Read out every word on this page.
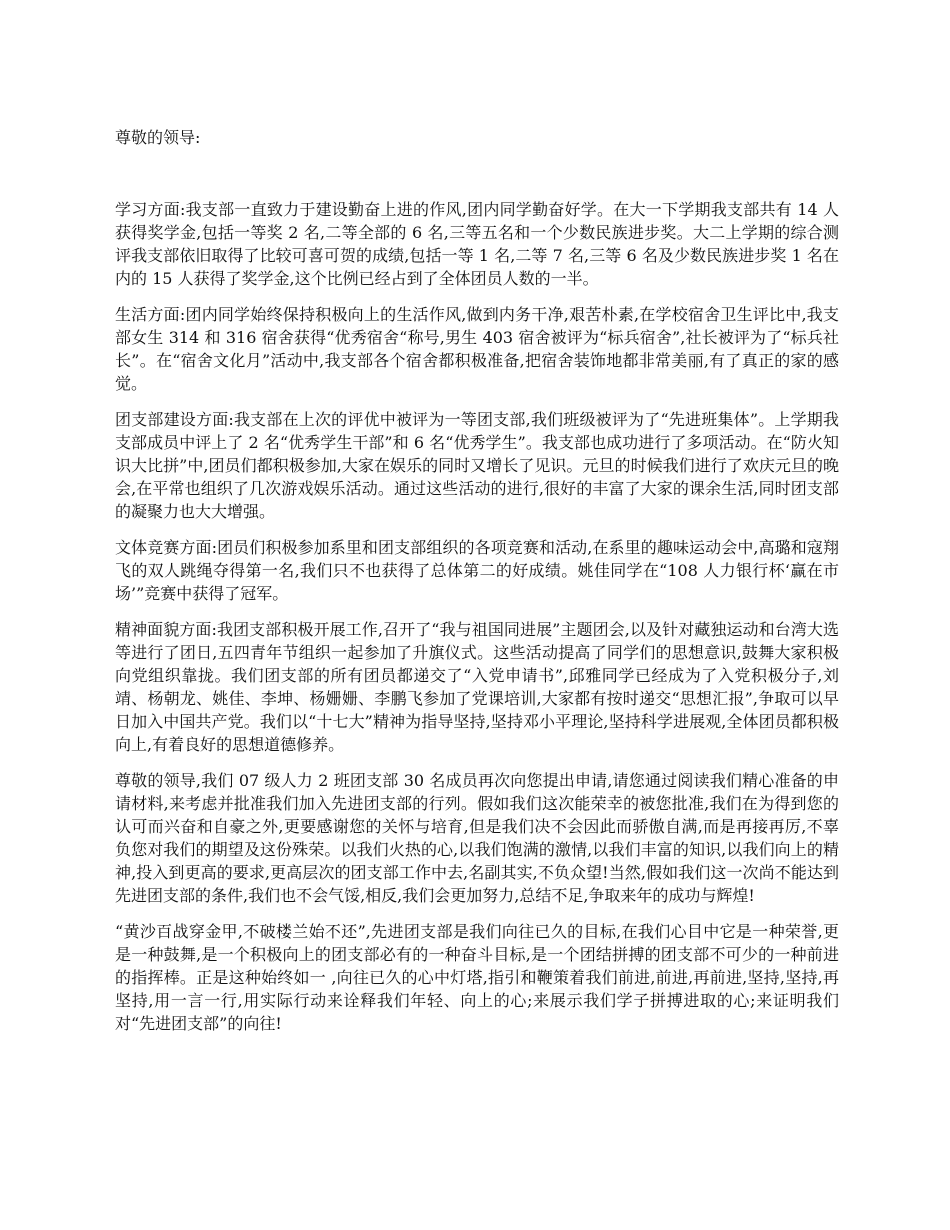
尊敬的领导:

学习方面:我支部一直致力于建设勤奋上进的作风,团内同学勤奋好学。在大一下学期我支部共有 14 人获得奖学金,包括一等奖 2 名,二等全部的 6 名,三等五名和一个少数民族进步奖。大二上学期的综合测评我支部依旧取得了比较可喜可贺的成绩,包括一等 1 名,二等 7 名,三等 6 名及少数民族进步奖 1 名在内的 15 人获得了奖学金,这个比例已经占到了全体团员人数的一半。

生活方面:团内同学始终保持积极向上的生活作风,做到内务干净,艰苦朴素,在学校宿舍卫生评比中,我支部女生 314 和 316 宿舍获得“优秀宿舍“称号,男生 403 宿舍被评为“标兵宿舍”,社长被评为了“标兵社长”。在“宿舍文化月”活动中,我支部各个宿舍都积极准备,把宿舍装饰地都非常美丽,有了真正的家的感觉。

团支部建设方面:我支部在上次的评优中被评为一等团支部,我们班级被评为了“先进班集体”。上学期我支部成员中评上了 2 名“优秀学生干部”和 6 名“优秀学生”。我支部也成功进行了多项活动。在“防火知识大比拼”中,团员们都积极参加,大家在娱乐的同时又增长了见识。元旦的时候我们进行了欢庆元旦的晚会,在平常也组织了几次游戏娱乐活动。通过这些活动的进行,很好的丰富了大家的课余生活,同时团支部的凝聚力也大大增强。

文体竞赛方面:团员们积极参加系里和团支部组织的各项竞赛和活动,在系里的趣味运动会中,高璐和寇翔飞的双人跳绳夺得第一名,我们只不也获得了总体第二的好成绩。姚佳同学在“108 人力银行杯‘赢在市场’”竞赛中获得了冠军。

精神面貌方面:我团支部积极开展工作,召开了“我与祖国同进展”主题团会,以及针对藏独运动和台湾大选等进行了团日,五四青年节组织一起参加了升旗仪式。这些活动提高了同学们的思想意识,鼓舞大家积极向党组织靠拢。我们团支部的所有团员都递交了“入党申请书”,邱雅同学已经成为了入党积极分子,刘靖、杨朝龙、姚佳、李坤、杨姗姗、李鹏飞参加了党课培训,大家都有按时递交“思想汇报”,争取可以早日加入中国共产党。我们以“十七大”精神为指导坚持,坚持邓小平理论,坚持科学进展观,全体团员都积极向上,有着良好的思想道德修养。

尊敬的领导,我们 07 级人力 2 班团支部 30 名成员再次向您提出申请,请您通过阅读我们精心准备的申请材料,来考虑并批准我们加入先进团支部的行列。假如我们这次能荣幸的被您批准,我们在为得到您的认可而兴奋和自豪之外,更要感谢您的关怀与培育,但是我们决不会因此而骄傲自满,而是再接再厉,不辜负您对我们的期望及这份殊荣。以我们火热的心,以我们饱满的激情,以我们丰富的知识,以我们向上的精神,投入到更高的要求,更高层次的团支部工作中去,名副其实,不负众望!当然,假如我们这一次尚不能达到先进团支部的条件,我们也不会气馁,相反,我们会更加努力,总结不足,争取来年的成功与辉煌!

“黄沙百战穿金甲,不破楼兰始不还”,先进团支部是我们向往已久的目标,在我们心目中它是一种荣誉,更是一种鼓舞,是一个积极向上的团支部必有的一种奋斗目标,是一个团结拼搏的团支部不可少的一种前进的指挥棒。正是这种始终如一 ,向往已久的心中灯塔,指引和鞭策着我们前进,前进,再前进,坚持,坚持,再坚持,用一言一行,用实际行动来诠释我们年轻、向上的心;来展示我们学子拼搏进取的心;来证明我们对“先进团支部”的向往!
